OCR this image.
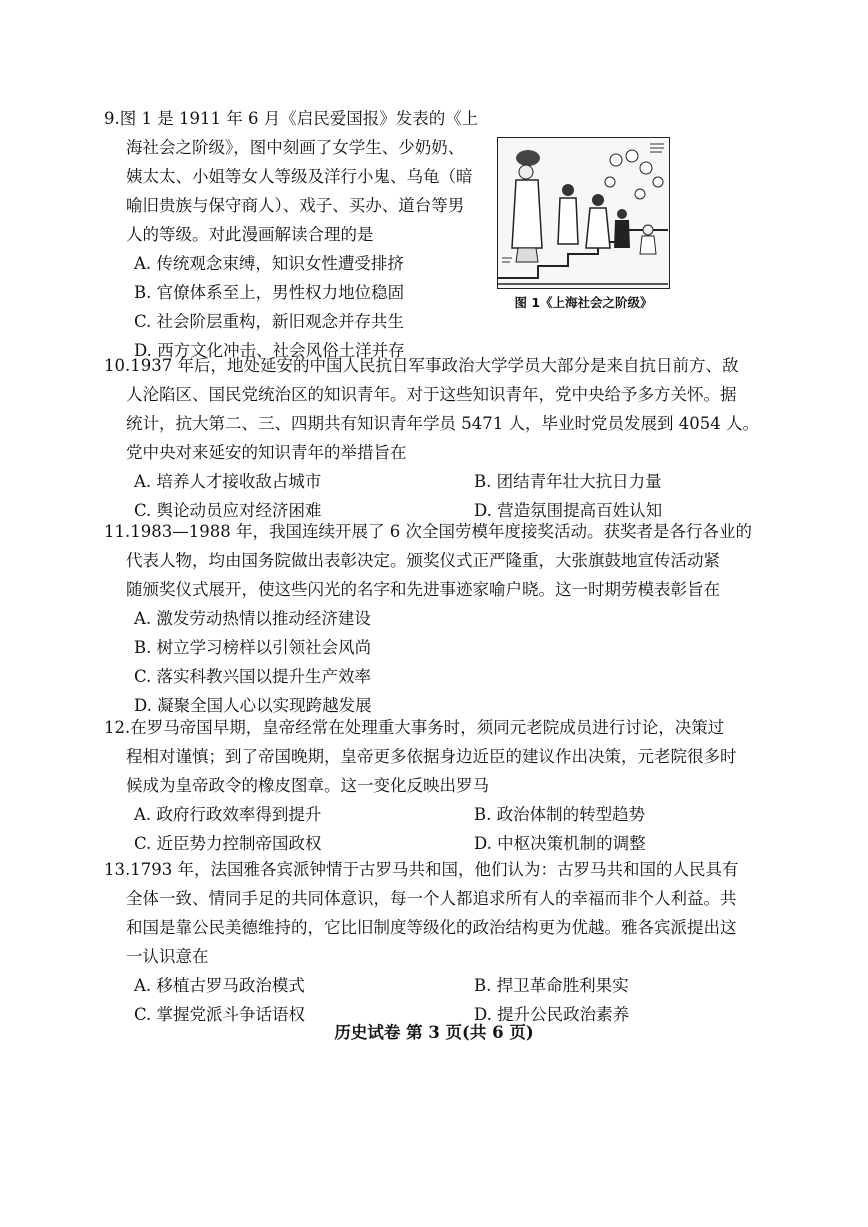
9.图 1 是 1911 年 6 月《启民爱国报》发表的《上
海社会之阶级》，图中刻画了女学生、少奶奶、
姨太太、小姐等女人等级及洋行小鬼、乌龟（暗
喻旧贵族与保守商人）、戏子、买办、道台等男
人的等级。对此漫画解读合理的是
A. 传统观念束缚，知识女性遭受排挤
B. 官僚体系至上，男性权力地位稳固
C. 社会阶层重构，新旧观念并存共生
D. 西方文化冲击、社会风俗土洋并存
图 1《上海社会之阶级》
10.1937 年后，地处延安的中国人民抗日军事政治大学学员大部分是来自抗日前方、敌
人沦陷区、国民党统治区的知识青年。对于这些知识青年，党中央给予多方关怀。据
统计，抗大第二、三、四期共有知识青年学员 5471 人，毕业时党员发展到 4054 人。
党中央对来延安的知识青年的举措旨在
A. 培养人才接收敌占城市	B. 团结青年壮大抗日力量
C. 舆论动员应对经济困难	D. 营造氛围提高百姓认知
11.1983—1988 年，我国连续开展了 6 次全国劳模年度接奖活动。获奖者是各行各业的
代表人物，均由国务院做出表彰决定。颁奖仪式正严隆重，大张旗鼓地宣传活动紧
随颁奖仪式展开，使这些闪光的名字和先进事迹家喻户晓。这一时期劳模表彰旨在
A. 激发劳动热情以推动经济建设
B. 树立学习榜样以引领社会风尚
C. 落实科教兴国以提升生产效率
D. 凝聚全国人心以实现跨越发展
12.在罗马帝国早期，皇帝经常在处理重大事务时，须同元老院成员进行讨论，决策过
程相对谨慎；到了帝国晚期，皇帝更多依据身边近臣的建议作出决策，元老院很多时
候成为皇帝政令的橡皮图章。这一变化反映出罗马
A. 政府行政效率得到提升	B. 政治体制的转型趋势
C. 近臣势力控制帝国政权	D. 中枢决策机制的调整
13.1793 年，法国雅各宾派钟情于古罗马共和国，他们认为：古罗马共和国的人民具有
全体一致、情同手足的共同体意识，每一个人都追求所有人的幸福而非个人利益。共
和国是靠公民美德维持的，它比旧制度等级化的政治结构更为优越。雅各宾派提出这
一认识意在
A. 移植古罗马政治模式	B. 捍卫革命胜利果实
C. 掌握党派斗争话语权	D. 提升公民政治素养
历史试卷 第 3 页(共 6 页)
